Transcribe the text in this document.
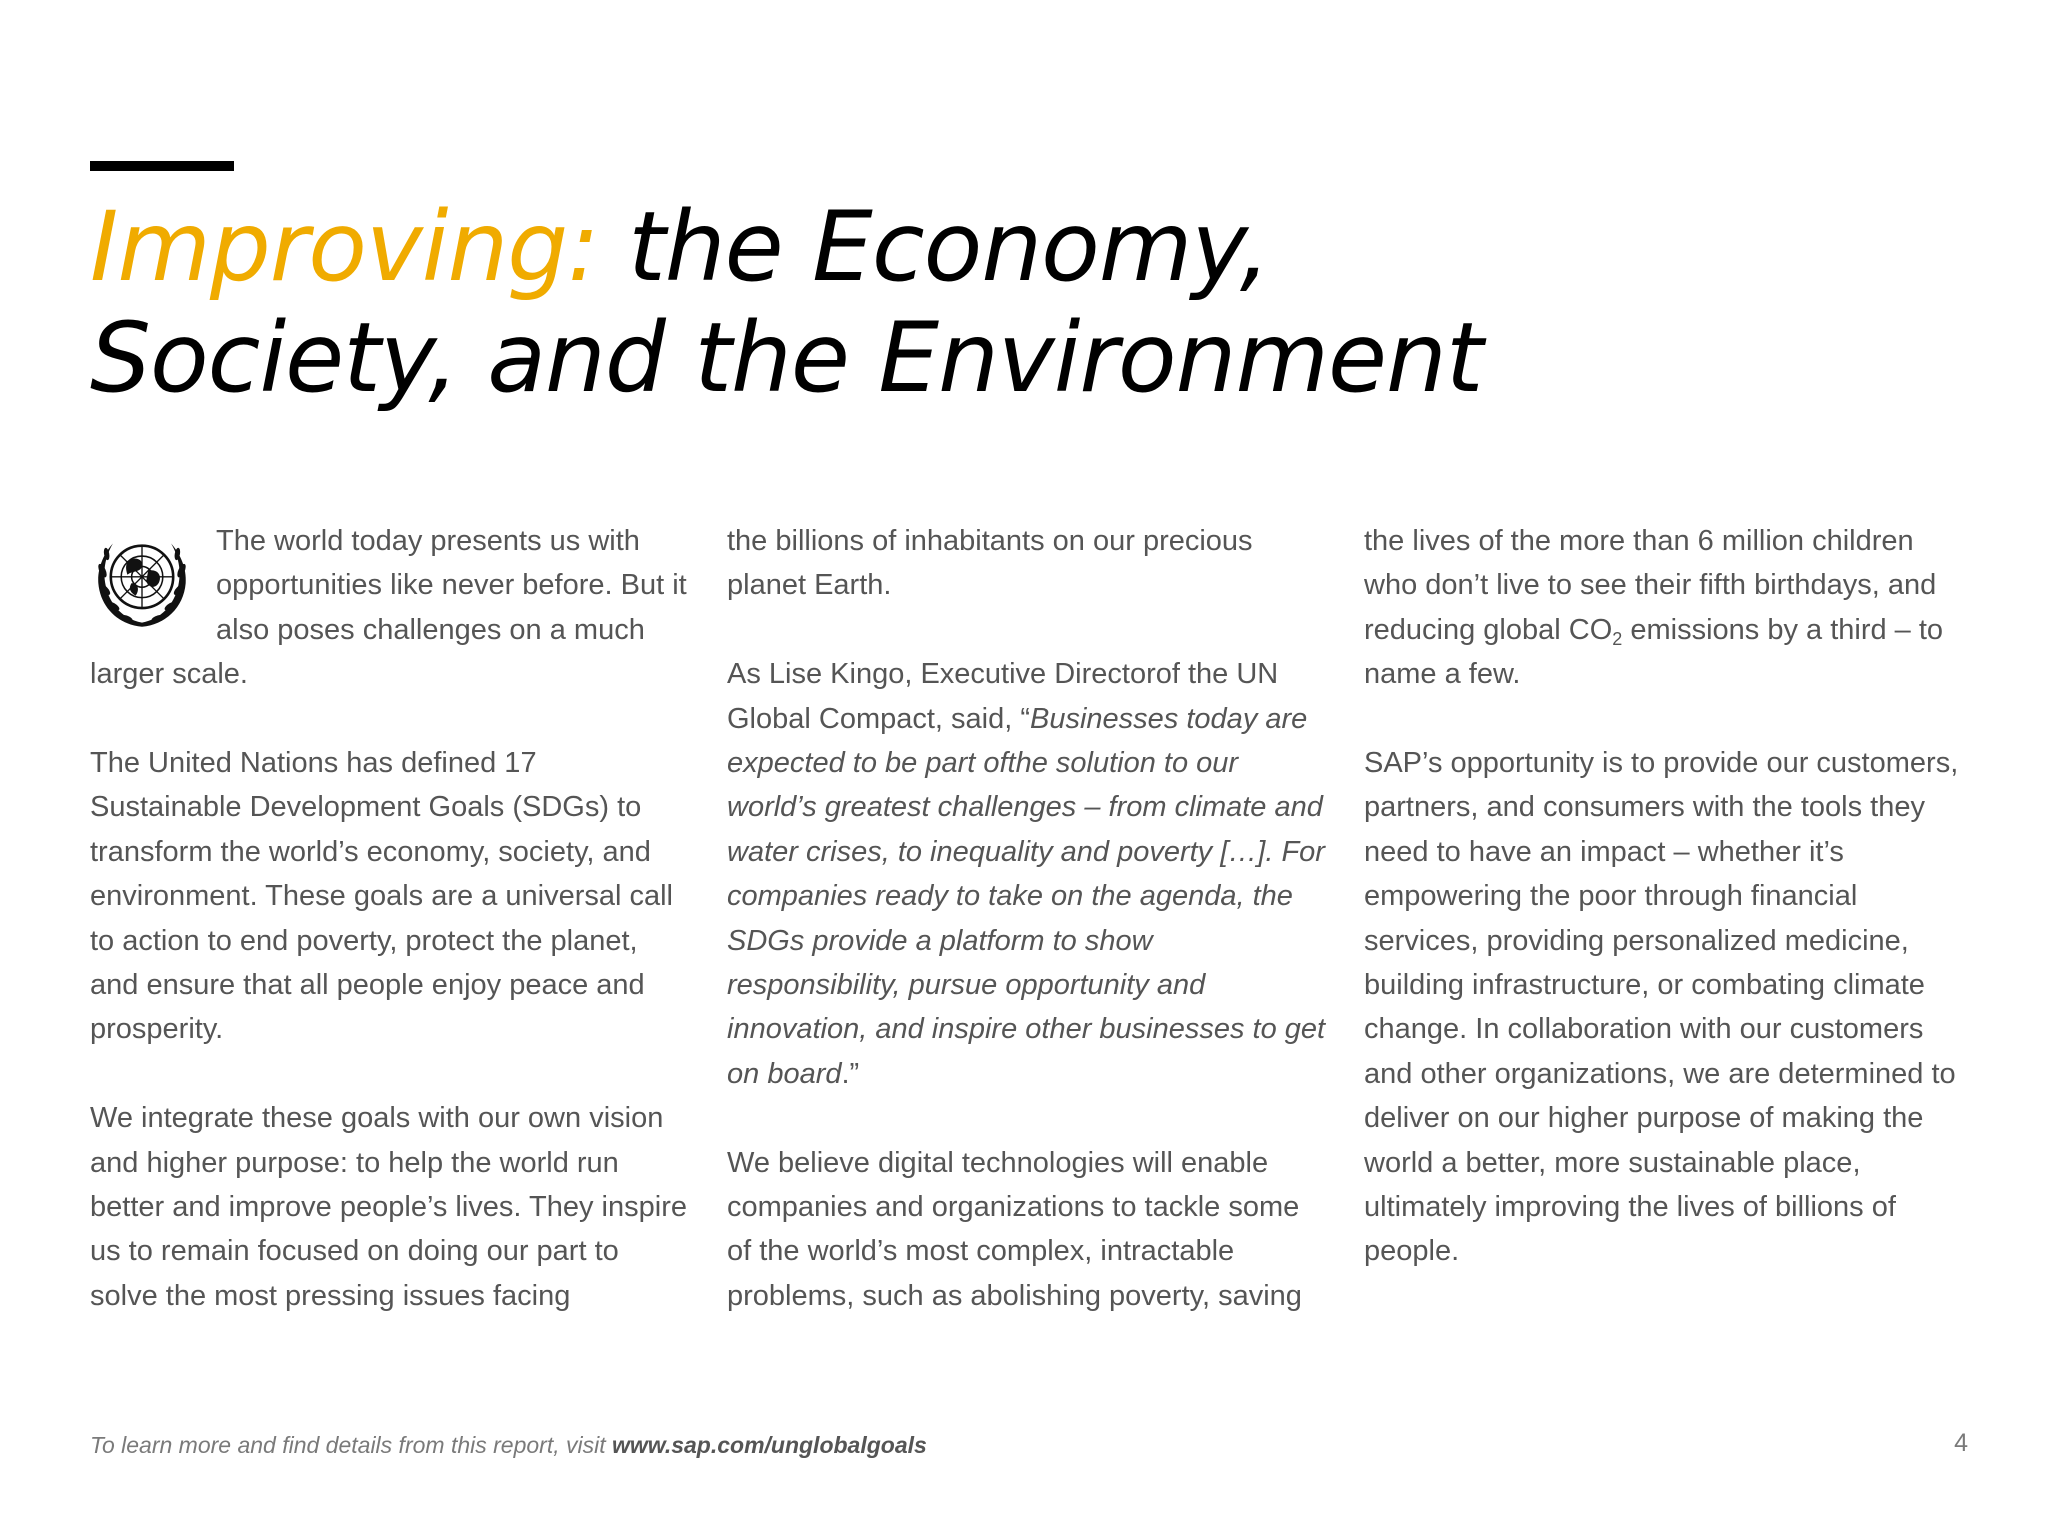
Improving: the Economy,
Society, and the Environment

The world today presents us with opportunities like never before. But it also poses challenges on a much larger scale.

The United Nations has defined 17 Sustainable Development Goals (SDGs) to transform the world’s economy, society, and environment. These goals are a universal call to action to end poverty, protect the planet, and ensure that all people enjoy peace and prosperity.

We integrate these goals with our own vision and higher purpose: to help the world run better and improve people’s lives. They inspire us to remain focused on doing our part to solve the most pressing issues facing

the billions of inhabitants on our precious planet Earth.

As Lise Kingo, Executive Directorof the UN Global Compact, said, “Businesses today are expected to be part ofthe solution to our world’s greatest challenges – from climate and water crises, to inequality and poverty […]. For companies ready to take on the agenda, the SDGs provide a platform to show responsibility, pursue opportunity and innovation, and inspire other businesses to get on board.”

We believe digital technologies will enable companies and organizations to tackle some of the world’s most complex, intractable problems, such as abolishing poverty, saving

the lives of the more than 6 million children who don’t live to see their fifth birthdays, and reducing global $CO_2$ emissions by a third – to name a few.

SAP’s opportunity is to provide our customers, partners, and consumers with the tools they need to have an impact – whether it’s empowering the poor through financial services, providing personalized medicine, building infrastructure, or combating climate change. In collaboration with our customers and other organizations, we are determined to deliver on our higher purpose of making the world a better, more sustainable place, ultimately improving the lives of billions of people.

To learn more and find details from this report, visit www.sap.com/unglobalgoals	4
